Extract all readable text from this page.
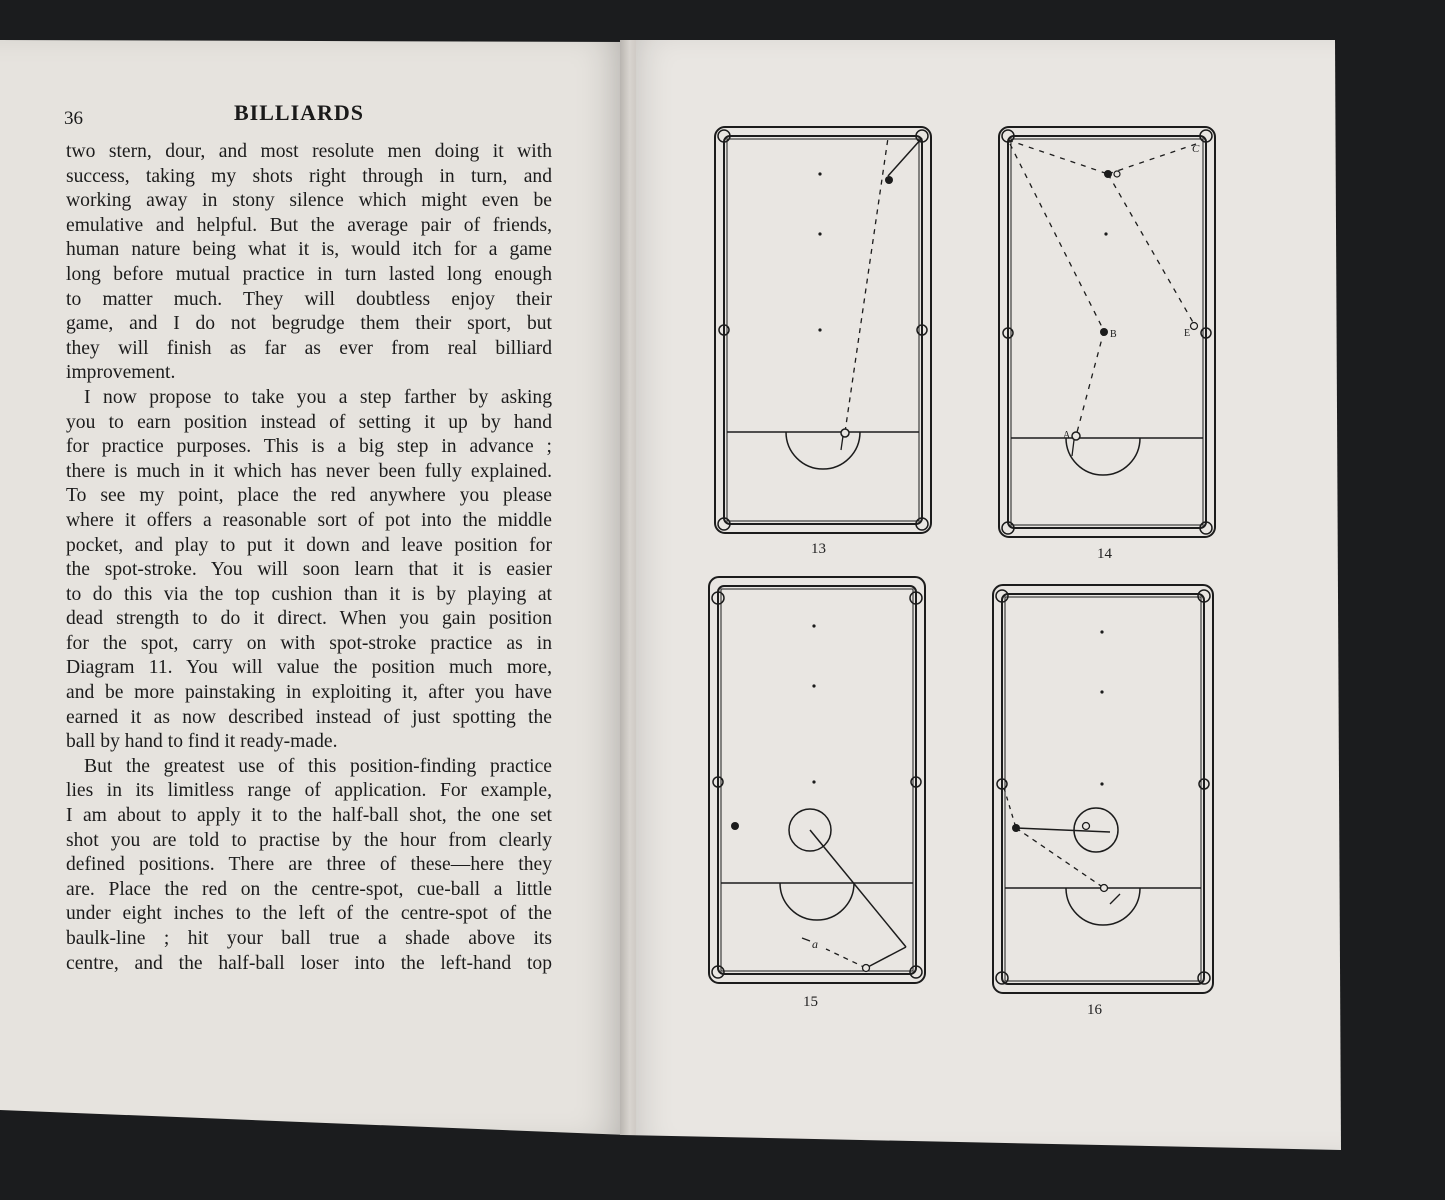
36	BILLIARDS
two stern, dour, and most resolute men doing it with
success, taking my shots right through in turn, and
working away in stony silence which might even be
emulative and helpful. But the average pair of friends,
human nature being what it is, would itch for a game
long before mutual practice in turn lasted long enough
to matter much. They will doubtless enjoy their
game, and I do not begrudge them their sport, but
they will finish as far as ever from real billiard
improvement.
I now propose to take you a step farther by asking
you to earn position instead of setting it up by hand
for practice purposes. This is a big step in advance ;
there is much in it which has never been fully explained.
To see my point, place the red anywhere you please
where it offers a reasonable sort of pot into the middle
pocket, and play to put it down and leave position for
the spot-stroke. You will soon learn that it is easier
to do this via the top cushion than it is by playing at
dead strength to do it direct. When you gain position
for the spot, carry on with spot-stroke practice as in
Diagram 11. You will value the position much more,
and be more painstaking in exploiting it, after you have
earned it as now described instead of just spotting the
ball by hand to find it ready-made.
But the greatest use of this position-finding practice
lies in its limitless range of application. For example,
I am about to apply it to the half-ball shot, the one set
shot you are told to practise by the hour from clearly
defined positions. There are three of these—here they
are. Place the red on the centre-spot, cue-ball a little
under eight inches to the left of the centre-spot of the
baulk-line ; hit your ball true a shade above its
centre, and the half-ball loser into the left-hand top
13
C
B	E
A
14
a
15	16
